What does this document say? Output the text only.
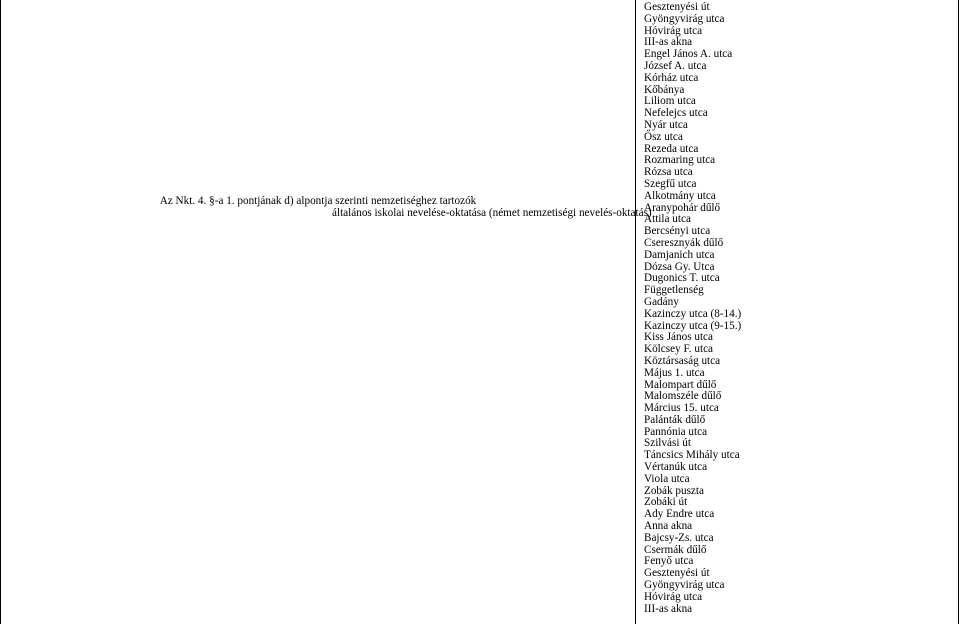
Az Nkt. 4. §-a 1. pontjának d) alpontja szerinti nemzetiséghez tartozók
általános iskolai nevelése-oktatása (német nemzetiségi nevelés-oktatás)
Gesztenyési út
Gyöngyvirág utca
Hóvirág utca
III-as akna
Engel János A. utca
József A. utca
Kórház utca
Kőbánya
Liliom utca
Nefelejcs utca
Nyár utca
Ősz utca
Rezeda utca
Rozmaring utca
Rózsa utca
Szegfű utca
Alkotmány utca
Aranypohár dűlő
Attila utca
Bercsényi utca
Cseresznyák dűlő
Damjanich utca
Dózsa Gy. Utca
Dugonics T. utca
Függetlenség
Gadány
Kazinczy utca (8-14.)
Kazinczy utca (9-15.)
Kiss János utca
Kölcsey F. utca
Köztársaság utca
Május 1. utca
Malompart dűlő
Malomszéle dűlő
Március 15. utca
Palánták dűlő
Pannónia utca
Szilvási út
Táncsics Mihály utca
Vértanúk utca
Viola utca
Zobák puszta
Zobáki út
Ady Endre utca
Anna akna
Bajcsy-Zs. utca
Csermák dűlő
Fenyő utca
Gesztenyési út
Gyöngyvirág utca
Hóvirág utca
III-as akna
